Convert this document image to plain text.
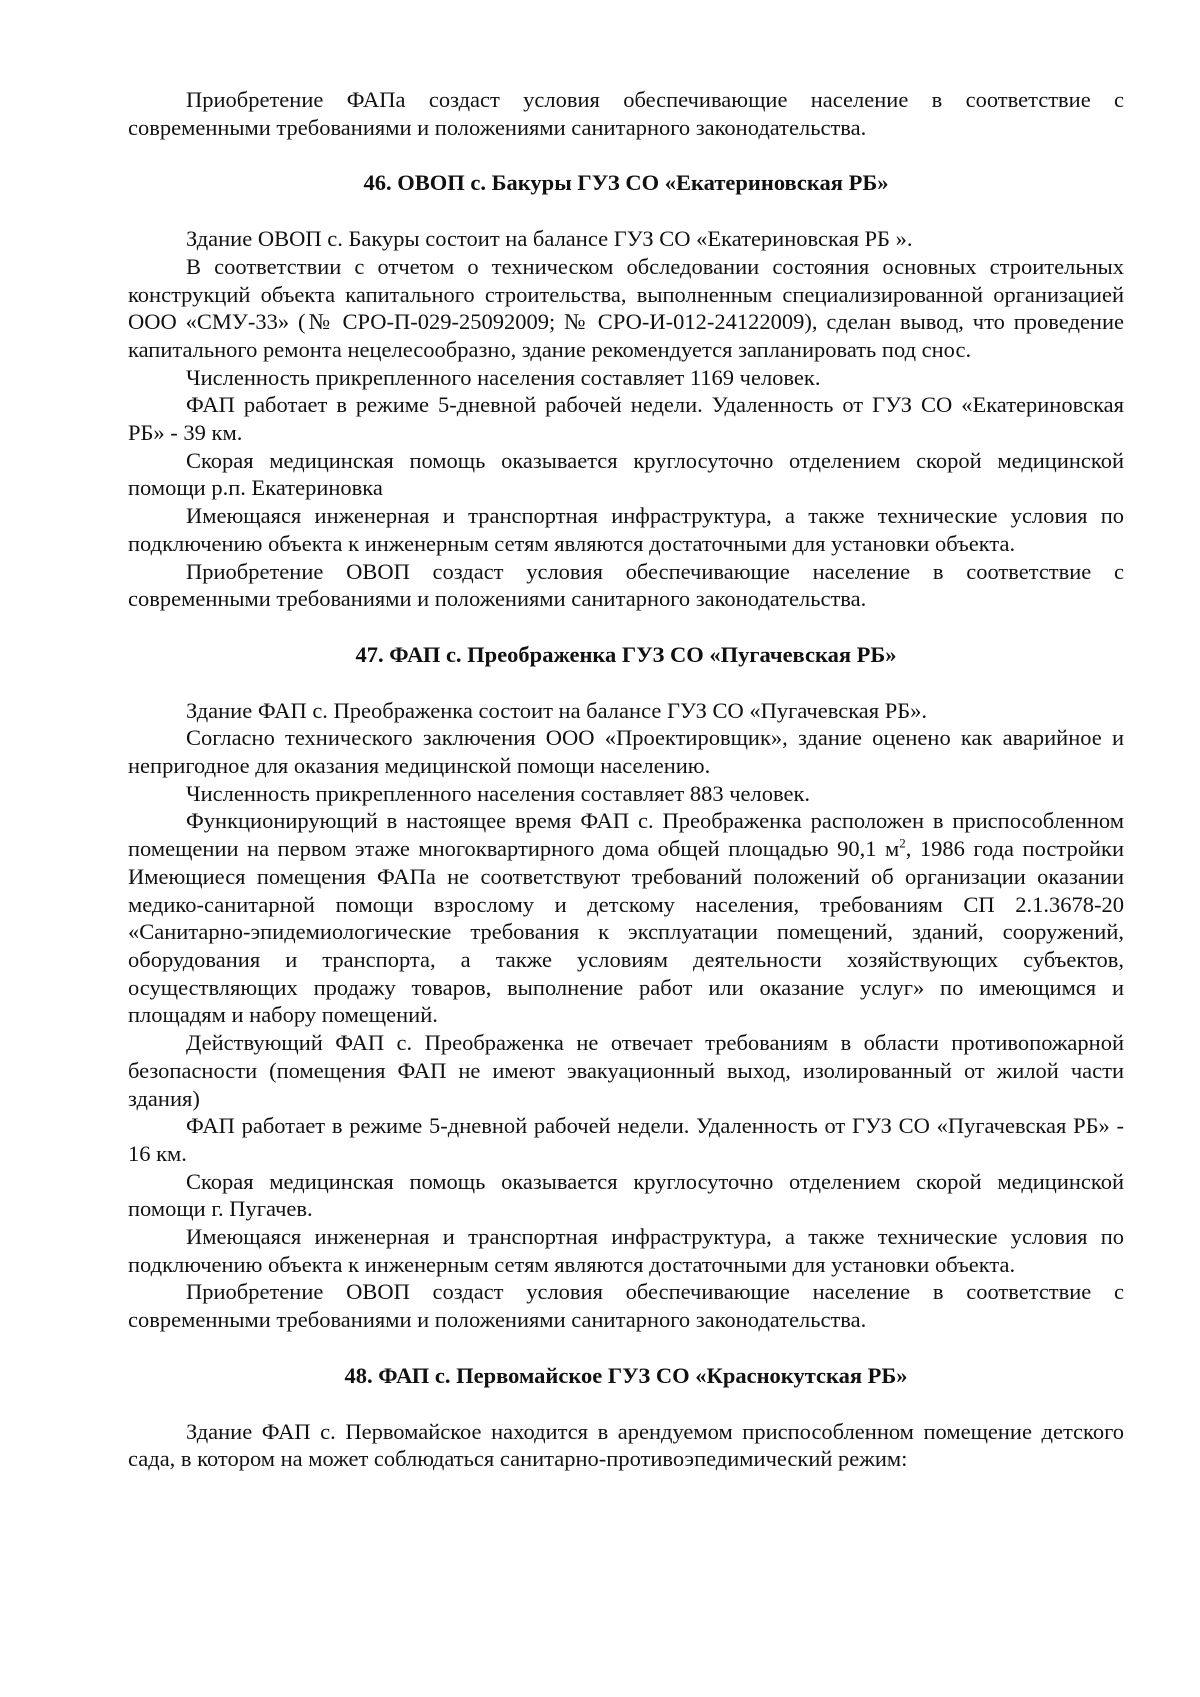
Приобретение ФАПа создаст условия обеспечивающие население в соответствие с современными требованиями и положениями санитарного законодательства.

46. ОВОП с. Бакуры ГУЗ СО «Екатериновская РБ»

Здание ОВОП с. Бакуры состоит на балансе ГУЗ СО «Екатериновская РБ ».

В соответствии с отчетом о техническом обследовании состояния основных строительных конструкций объекта капитального строительства, выполненным специализированной организацией ООО «СМУ-33» (№ СРО-П-029-25092009; № СРО-И-012-24122009), сделан вывод, что проведение капитального ремонта нецелесообразно, здание рекомендуется запланировать под снос.

Численность прикрепленного населения составляет 1169 человек.

ФАП работает в режиме 5-дневной рабочей недели. Удаленность от ГУЗ СО «Екатериновская РБ» - 39 км.

Скорая медицинская помощь оказывается круглосуточно отделением скорой медицинской помощи р.п. Екатериновка

Имеющаяся инженерная и транспортная инфраструктура, а также технические условия по подключению объекта к инженерным сетям являются достаточными для установки объекта.

Приобретение ОВОП создаст условия обеспечивающие население в соответствие с современными требованиями и положениями санитарного законодательства.

47. ФАП с. Преображенка ГУЗ СО «Пугачевская РБ»

Здание ФАП с. Преображенка состоит на балансе ГУЗ СО «Пугачевская РБ».

Согласно технического заключения ООО «Проектировщик», здание оценено как аварийное и непригодное для оказания медицинской помощи населению.

Численность прикрепленного населения составляет 883 человек.

Функционирующий в настоящее время ФАП с. Преображенка расположен в приспособленном помещении на первом этаже многоквартирного дома общей площадью 90,1 $м^2$, 1986 года постройки Имеющиеся помещения ФАПа не соответствуют требований положений об организации оказании медико-санитарной помощи взрослому и детскому населения, требованиям СП 2.1.3678-20 «Санитарно-эпидемиологические требования к эксплуатации помещений, зданий, сооружений, оборудования и транспорта, а также условиям деятельности хозяйствующих субъектов, осуществляющих продажу товаров, выполнение работ или оказание услуг» по имеющимся и площадям и набору помещений.

Действующий ФАП с. Преображенка не отвечает требованиям в области противопожарной безопасности (помещения ФАП не имеют эвакуационный выход, изолированный от жилой части здания)

ФАП работает в режиме 5-дневной рабочей недели. Удаленность от ГУЗ СО «Пугачевская РБ» - 16 км.

Скорая медицинская помощь оказывается круглосуточно отделением скорой медицинской помощи г. Пугачев.

Имеющаяся инженерная и транспортная инфраструктура, а также технические условия по подключению объекта к инженерным сетям являются достаточными для установки объекта.

Приобретение ОВОП создаст условия обеспечивающие население в соответствие с современными требованиями и положениями санитарного законодательства.

48. ФАП с. Первомайское ГУЗ СО «Краснокутская РБ»

Здание ФАП с. Первомайское находится в арендуемом приспособленном помещение детского сада, в котором на может соблюдаться санитарно-противоэпедимический режим:
